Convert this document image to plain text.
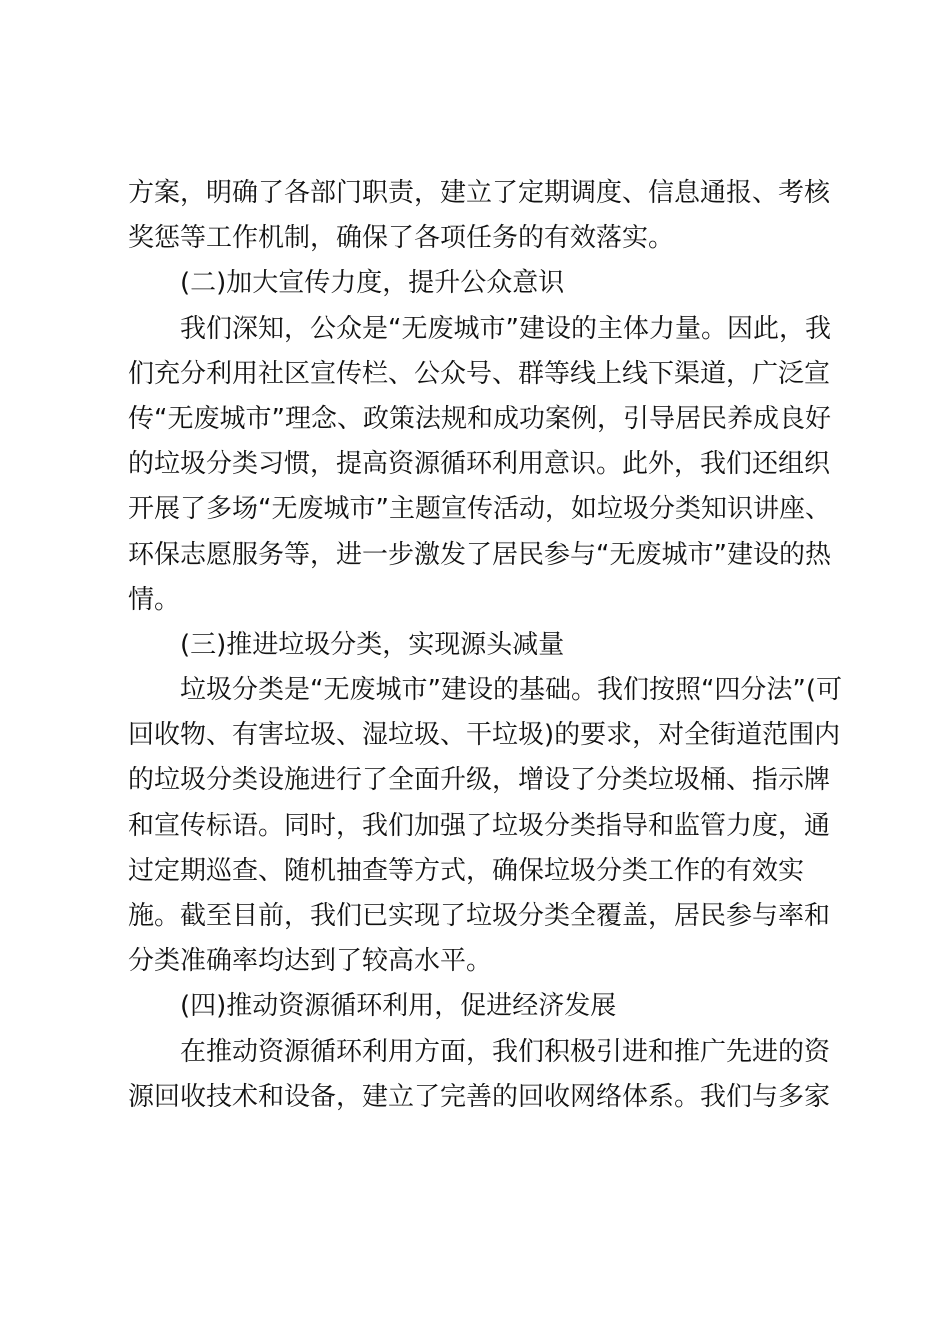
方案，明确了各部门职责，建立了定期调度、信息通报、考核
奖惩等工作机制，确保了各项任务的有效落实。
(二)加大宣传力度，提升公众意识
我们深知，公众是“无废城市”建设的主体力量。因此，我
们充分利用社区宣传栏、公众号、群等线上线下渠道，广泛宣
传“无废城市”理念、政策法规和成功案例，引导居民养成良好
的垃圾分类习惯，提高资源循环利用意识。此外，我们还组织
开展了多场“无废城市”主题宣传活动，如垃圾分类知识讲座、
环保志愿服务等，进一步激发了居民参与“无废城市”建设的热
情。
(三)推进垃圾分类，实现源头减量
垃圾分类是“无废城市”建设的基础。我们按照“四分法”(可
回收物、有害垃圾、湿垃圾、干垃圾)的要求，对全街道范围内
的垃圾分类设施进行了全面升级，增设了分类垃圾桶、指示牌
和宣传标语。同时，我们加强了垃圾分类指导和监管力度，通
过定期巡查、随机抽查等方式，确保垃圾分类工作的有效实
施。截至目前，我们已实现了垃圾分类全覆盖，居民参与率和
分类准确率均达到了较高水平。
(四)推动资源循环利用，促进经济发展
在推动资源循环利用方面，我们积极引进和推广先进的资
源回收技术和设备，建立了完善的回收网络体系。我们与多家
